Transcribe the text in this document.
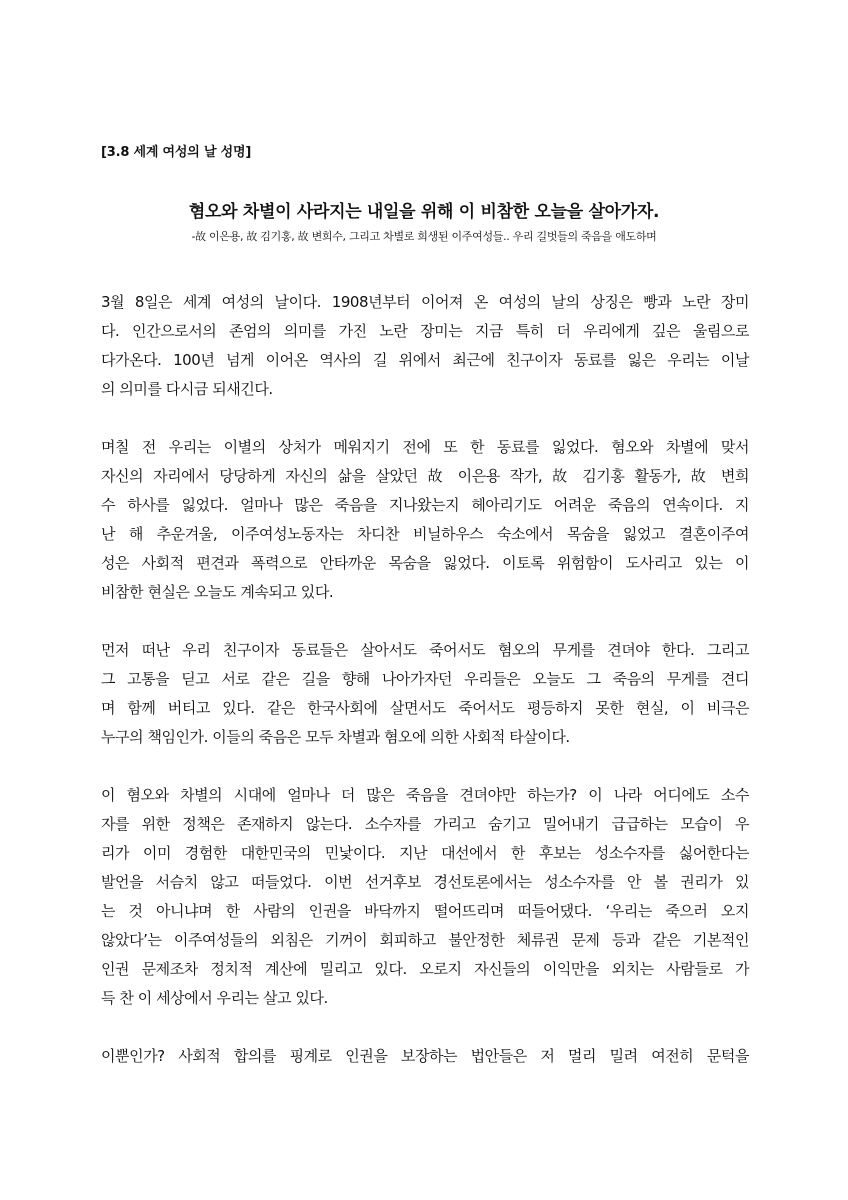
[3.8 세계 여성의 날 성명]
혐오와 차별이 사라지는 내일을 위해 이 비참한 오늘을 살아가자.
-故 이은용, 故 김기홍, 故 변희수, 그리고 차별로 희생된 이주여성들.. 우리 길벗들의 죽음을 애도하며
3월 8일은 세계 여성의 날이다. 1908년부터 이어져 온 여성의 날의 상징은 빵과 노란 장미
다. 인간으로서의 존엄의 의미를 가진 노란 장미는 지금 특히 더 우리에게 깊은 울림으로
다가온다. 100년 넘게 이어온 역사의 길 위에서 최근에 친구이자 동료를 잃은 우리는 이날
의 의미를 다시금 되새긴다.
며칠 전 우리는 이별의 상처가 메워지기 전에 또 한 동료를 잃었다. 혐오와 차별에 맞서
자신의 자리에서 당당하게 자신의 삶을 살았던 故 이은용 작가, 故 김기홍 활동가, 故 변희
수 하사를 잃었다. 얼마나 많은 죽음을 지나왔는지 헤아리기도 어려운 죽음의 연속이다. 지
난 해 추운겨울, 이주여성노동자는 차디찬 비닐하우스 숙소에서 목숨을 잃었고 결혼이주여
성은 사회적 편견과 폭력으로 안타까운 목숨을 잃었다. 이토록 위험함이 도사리고 있는 이
비참한 현실은 오늘도 계속되고 있다.
먼저 떠난 우리 친구이자 동료들은 살아서도 죽어서도 혐오의 무게를 견뎌야 한다. 그리고
그 고통을 딛고 서로 같은 길을 향해 나아가자던 우리들은 오늘도 그 죽음의 무게를 견디
며 함께 버티고 있다. 같은 한국사회에 살면서도 죽어서도 평등하지 못한 현실, 이 비극은
누구의 책임인가. 이들의 죽음은 모두 차별과 혐오에 의한 사회적 타살이다.
이 혐오와 차별의 시대에 얼마나 더 많은 죽음을 견뎌야만 하는가? 이 나라 어디에도 소수
자를 위한 정책은 존재하지 않는다. 소수자를 가리고 숨기고 밀어내기 급급하는 모습이 우
리가 이미 경험한 대한민국의 민낯이다. 지난 대선에서 한 후보는 성소수자를 싫어한다는
발언을 서슴치 않고 떠들었다. 이번 선거후보 경선토론에서는 성소수자를 안 볼 권리가 있
는 것 아니냐며 한 사람의 인권을 바닥까지 떨어뜨리며 떠들어댔다. ‘우리는 죽으러 오지
않았다’는 이주여성들의 외침은 기꺼이 회피하고 불안정한 체류권 문제 등과 같은 기본적인
인권 문제조차 정치적 계산에 밀리고 있다. 오로지 자신들의 이익만을 외치는 사람들로 가
득 찬 이 세상에서 우리는 살고 있다.
이뿐인가? 사회적 합의를 핑계로 인권을 보장하는 법안들은 저 멀리 밀려 여전히 문턱을
